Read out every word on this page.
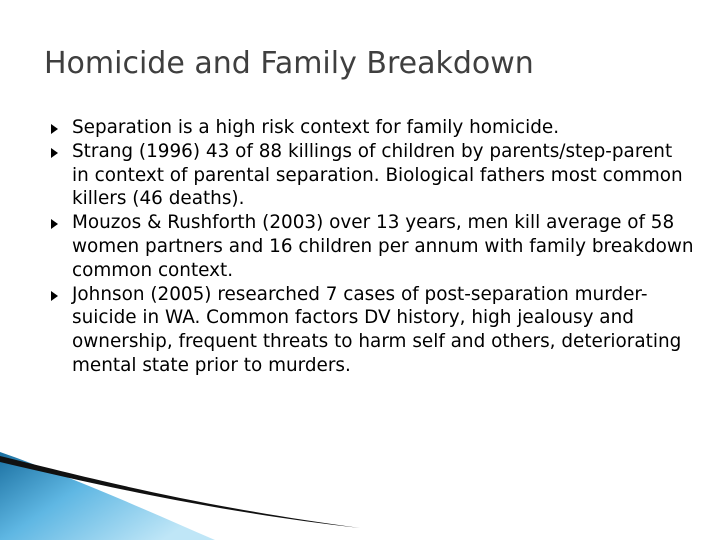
Homicide and Family Breakdown
Separation is a high risk context for family homicide.
Strang (1996) 43 of 88 killings of children by parents/step-parent in context of parental separation. Biological fathers most common killers (46 deaths).
Mouzos & Rushforth (2003) over 13 years, men kill average of 58 women partners and 16 children per annum with family breakdown common context.
Johnson (2005) researched 7 cases of post-separation murder-suicide in WA. Common factors DV history, high jealousy and ownership, frequent threats to harm self and others, deteriorating mental state prior to murders.
